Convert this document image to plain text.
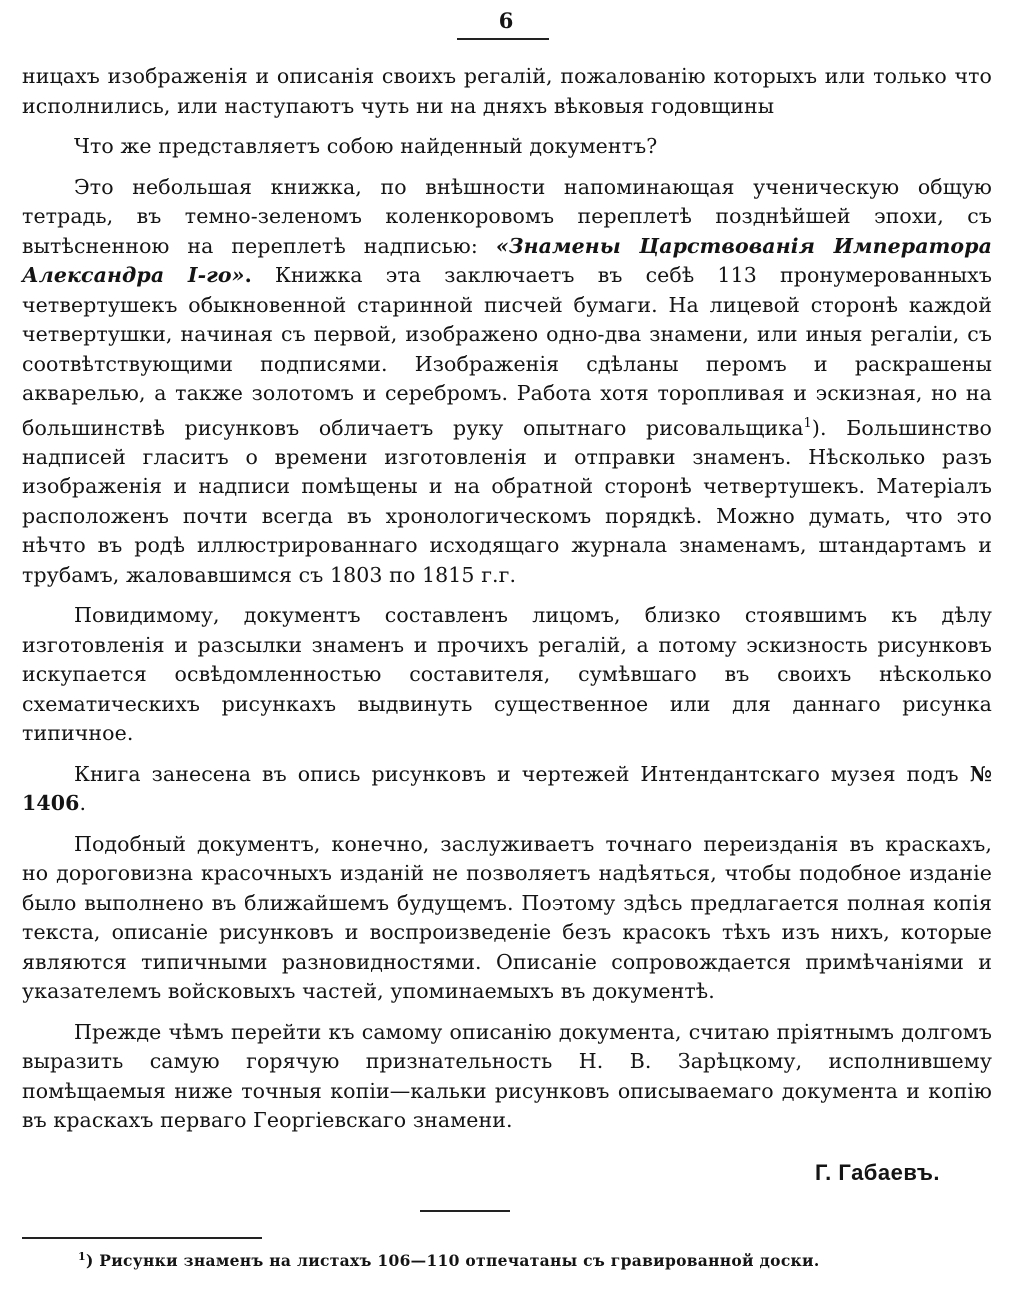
6

ницахъ изображенія и описанія своихъ регалій, пожалованію которыхъ или только что исполнились, или наступаютъ чуть ни на дняхъ вѣковыя годовщины

Что же представляетъ собою найденный документъ?

Это небольшая книжка, по внѣшности напоминающая ученическую общую тетрадь, въ темно-зеленомъ коленкоровомъ переплетѣ позднѣйшей эпохи, съ вытѣсненною на переплетѣ надписью: «Знамены Царствованія Императора Александра I-го». Книжка эта заключаетъ въ себѣ 113 пронумерованныхъ четвертушекъ обыкновенной старинной писчей бумаги. На лицевой сторонѣ каждой четвертушки, начиная съ первой, изображено одно-два знамени, или иныя регаліи, съ соотвѣтствующими подписями. Изображенія сдѣланы перомъ и раскрашены акварелью, а также золотомъ и серебромъ. Работа хотя торопливая и эскизная, но на большинствѣ рисунковъ обличаетъ руку опытнаго рисовальщика$^1$). Большинство надписей гласитъ о времени изготовленія и отправки знаменъ. Нѣсколько разъ изображенія и надписи помѣщены и на обратной сторонѣ четвертушекъ. Матеріалъ расположенъ почти всегда въ хронологическомъ порядкѣ. Можно думать, что это нѣчто въ родѣ иллюстрированнаго исходящаго журнала знаменамъ, штандартамъ и трубамъ, жаловавшимся съ 1803 по 1815 г.г.

Повидимому, документъ составленъ лицомъ, близко стоявшимъ къ дѣлу изготовленія и разсылки знаменъ и прочихъ регалій, а потому эскизность рисунковъ искупается освѣдомленностью составителя, сумѣвшаго въ своихъ нѣсколько схематическихъ рисункахъ выдвинуть существенное или для даннаго рисунка типичное.

Книга занесена въ опись рисунковъ и чертежей Интендантскаго музея подъ № 1406.

Подобный документъ, конечно, заслуживаетъ точнаго переизданія въ краскахъ, но дороговизна красочныхъ изданій не позволяетъ надѣяться, чтобы подобное изданіе было выполнено въ ближайшемъ будущемъ. Поэтому здѣсь предлагается полная копія текста, описаніе рисунковъ и воспроизведеніе безъ красокъ тѣхъ изъ нихъ, которые являются типичными разновидностями. Описаніе сопровождается примѣчаніями и указателемъ войсковыхъ частей, упоминаемыхъ въ документѣ.

Прежде чѣмъ перейти къ самому описанію документа, считаю пріятнымъ долгомъ выразить самую горячую признательность Н. В. Зарѣцкому, исполнившему помѣщаемыя ниже точныя копіи—кальки рисунковъ описываемаго документа и копію въ краскахъ перваго Георгіевскаго знамени.

Г. Габаевъ.
$^1$) Рисунки знаменъ на листахъ 106—110 отпечатаны съ гравированной доски.
